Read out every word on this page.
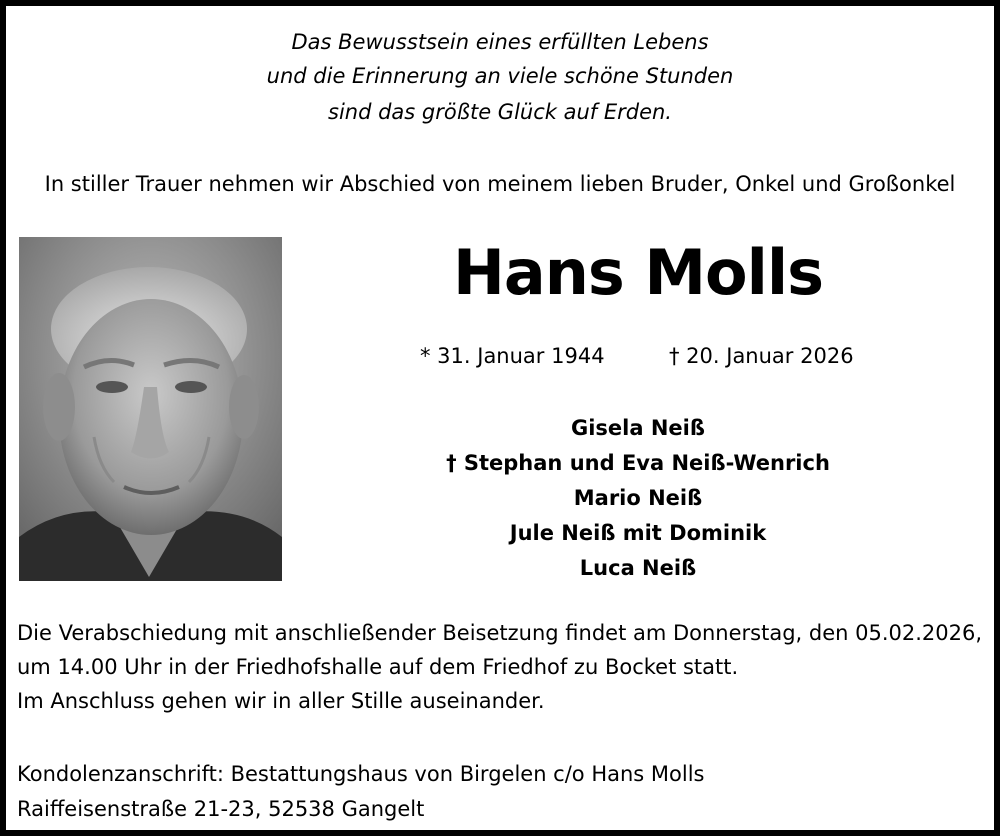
Das Bewusstsein eines erfüllten Lebens
und die Erinnerung an viele schöne Stunden
sind das größte Glück auf Erden.
In stiller Trauer nehmen wir Abschied von meinem lieben Bruder, Onkel und Großonkel
Hans Molls
* 31. Januar 1944	† 20. Januar 2026
Gisela Neiß
† Stephan und Eva Neiß-Wenrich
Mario Neiß
Jule Neiß mit Dominik
Luca Neiß
Die Verabschiedung mit anschließender Beisetzung findet am Donnerstag, den 05.02.2026,
um 14.00 Uhr in der Friedhofshalle auf dem Friedhof zu Bocket statt.
Im Anschluss gehen wir in aller Stille auseinander.
Kondolenzanschrift: Bestattungshaus von Birgelen c/o Hans Molls
Raiffeisenstraße 21-23, 52538 Gangelt
